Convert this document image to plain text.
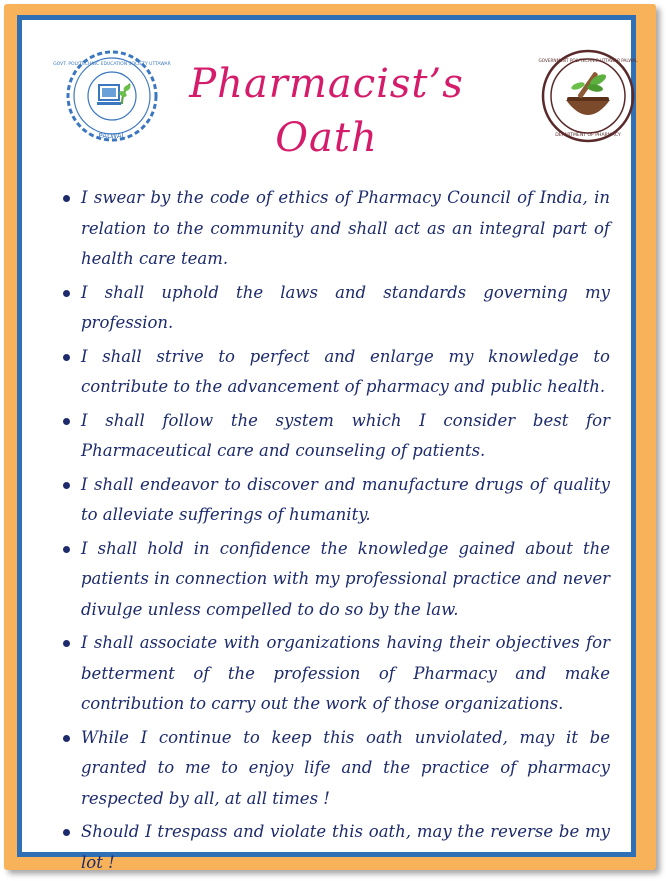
PALWAL
GOVT. POLYTECHNIC EDUCATION SOCIETY UTTAWAR Pharmacist’s
Oath	DEPARTMENT OF PHARMACY
GOVERNMENT POLYTECHNIC UTTAWAR PALWAL
I swear by the code of ethics of Pharmacy Council of India, in relation to the community and shall act as an integral part of health care team.
I shall uphold the laws and standards governing my profession.
I shall strive to perfect and enlarge my knowledge to contribute to the advancement of pharmacy and public health.
I shall follow the system which I consider best for Pharmaceutical care and counseling of patients.
I shall endeavor to discover and manufacture drugs of quality to alleviate sufferings of humanity.
I shall hold in confidence the knowledge gained about the patients in connection with my professional practice and never divulge unless compelled to do so by the law.
I shall associate with organizations having their objectives for betterment of the profession of Pharmacy and make contribution to carry out the work of those organizations.
While I continue to keep this oath unviolated, may it be granted to me to enjoy life and the practice of pharmacy respected by all, at all times !
Should I trespass and violate this oath, may the reverse be my lot !
